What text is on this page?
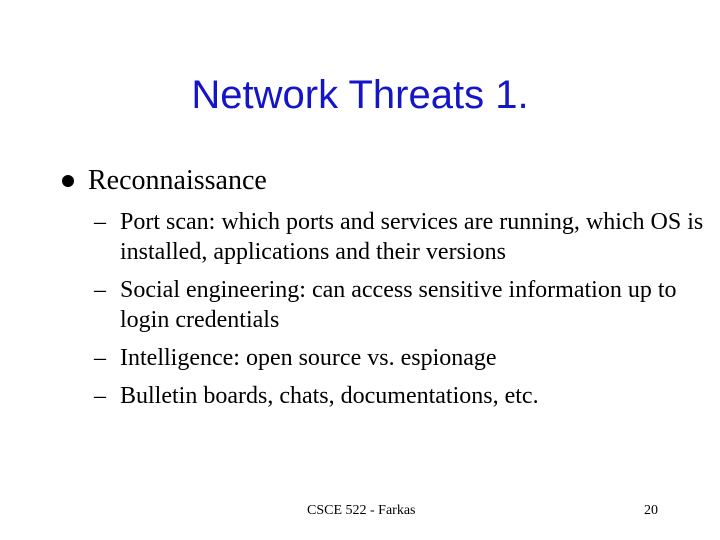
Network Threats 1.
Reconnaissance
– Port scan: which ports and services are running, which OS is installed, applications and their versions
– Social engineering: can access sensitive information up to login credentials
– Intelligence: open source vs. espionage
– Bulletin boards, chats, documentations, etc.
CSCE 522 - Farkas	20
